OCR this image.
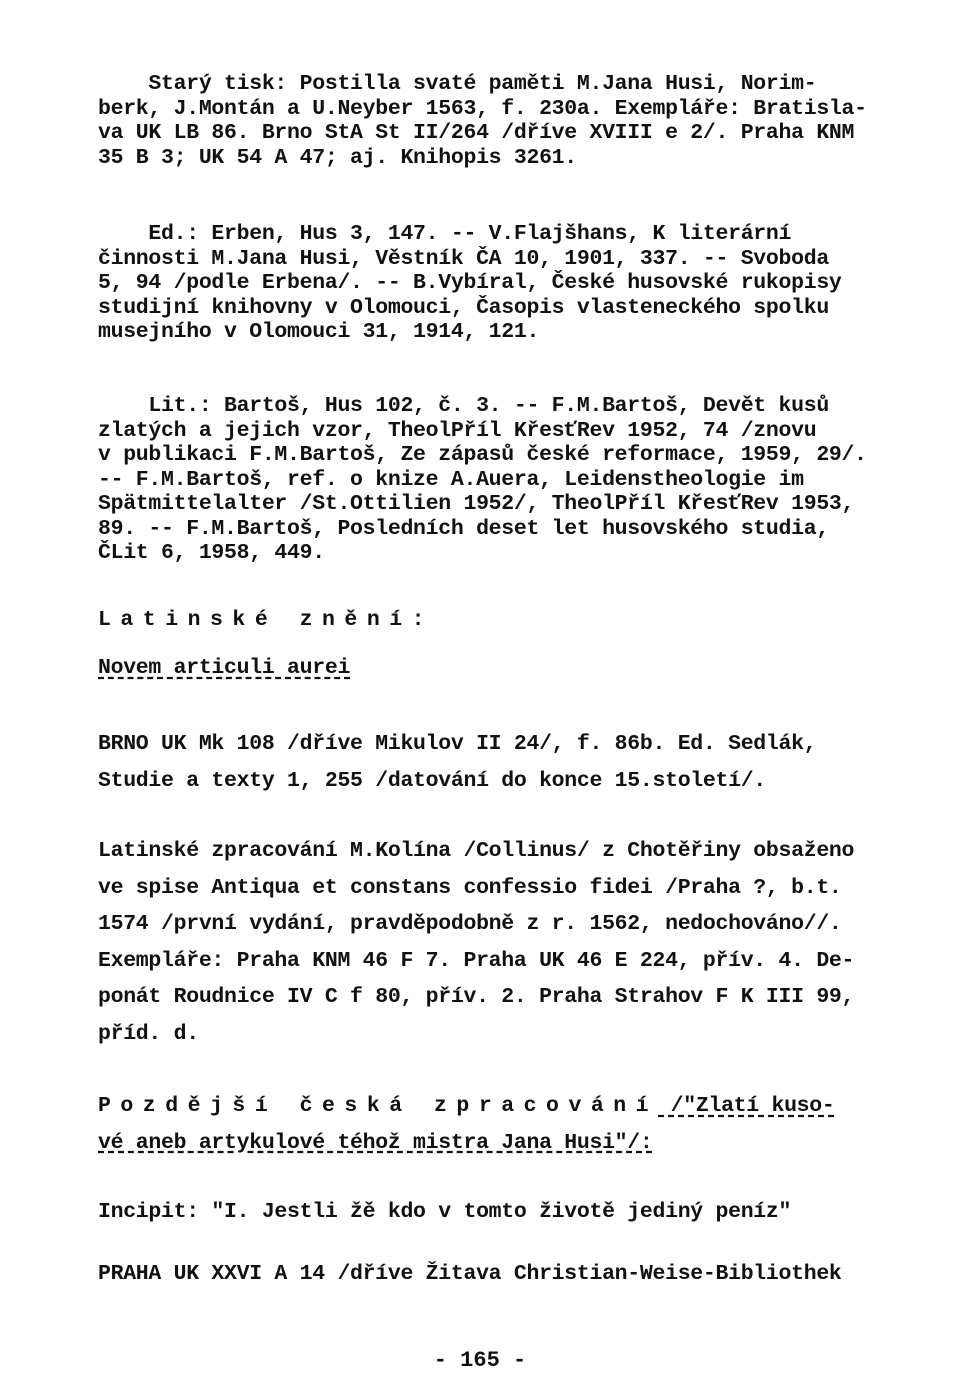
Starý tisk: Postilla svaté paměti M.Jana Husi, Norim-
berk, J.Montán a U.Neyber 1563, f. 230a. Exempláře: Bratisla-
va UK LB 86. Brno StA St II/264 /dříve XVIII e 2/. Praha KNM
35 B 3; UK 54 A 47; aj. Knihopis 3261.
Ed.: Erben, Hus 3, 147. -- V.Flajšhans, K literární
činnosti M.Jana Husi, Věstník ČA 10, 1901, 337. -- Svoboda
5, 94 /podle Erbena/. -- B.Vybíral, České husovské rukopisy
studijní knihovny v Olomouci, Časopis vlasteneckého spolku
musejního v Olomouci 31, 1914, 121.
Lit.: Bartoš, Hus 102, č. 3. -- F.M.Bartoš, Devět kusů
zlatých a jejich vzor, TheolPříl KřesťRev 1952, 74 /znovu
v publikaci F.M.Bartoš, Ze zápasů české reformace, 1959, 29/.
-- F.M.Bartoš, ref. o knize A.Auera, Leidenstheologie im
Spätmittelalter /St.Ottilien 1952/, TheolPříl KřesťRev 1953,
89. -- F.M.Bartoš, Posledních deset let husovského studia,
ČLit 6, 1958, 449.
Latinské znění:
Novem articuli aurei
BRNO UK Mk 108 /dříve Mikulov II 24/, f. 86b. Ed. Sedlák,
Studie a texty 1, 255 /datování do konce 15.století/.
Latinské zpracování M.Kolína /Collinus/ z Chotěřiny obsaženo
ve spise Antiqua et constans confessio fidei /Praha ?, b.t.
1574 /první vydání, pravděpodobně z r. 1562, nedochováno//.
Exempláře: Praha KNM 46 F 7. Praha UK 46 E 224, přív. 4. De-
ponát Roudnice IV C f 80, přív. 2. Praha Strahov F K III 99,
příd. d.
Pozdější česká zpracování /"Zlatí kuso-
vé aneb artykulové téhož mistra Jana Husi"/:
Incipit: "I. Jestli žě kdo v tomto životě jediný peníz"
PRAHA UK XXVI A 14 /dříve Žitava Christian-Weise-Bibliothek
- 165 -
